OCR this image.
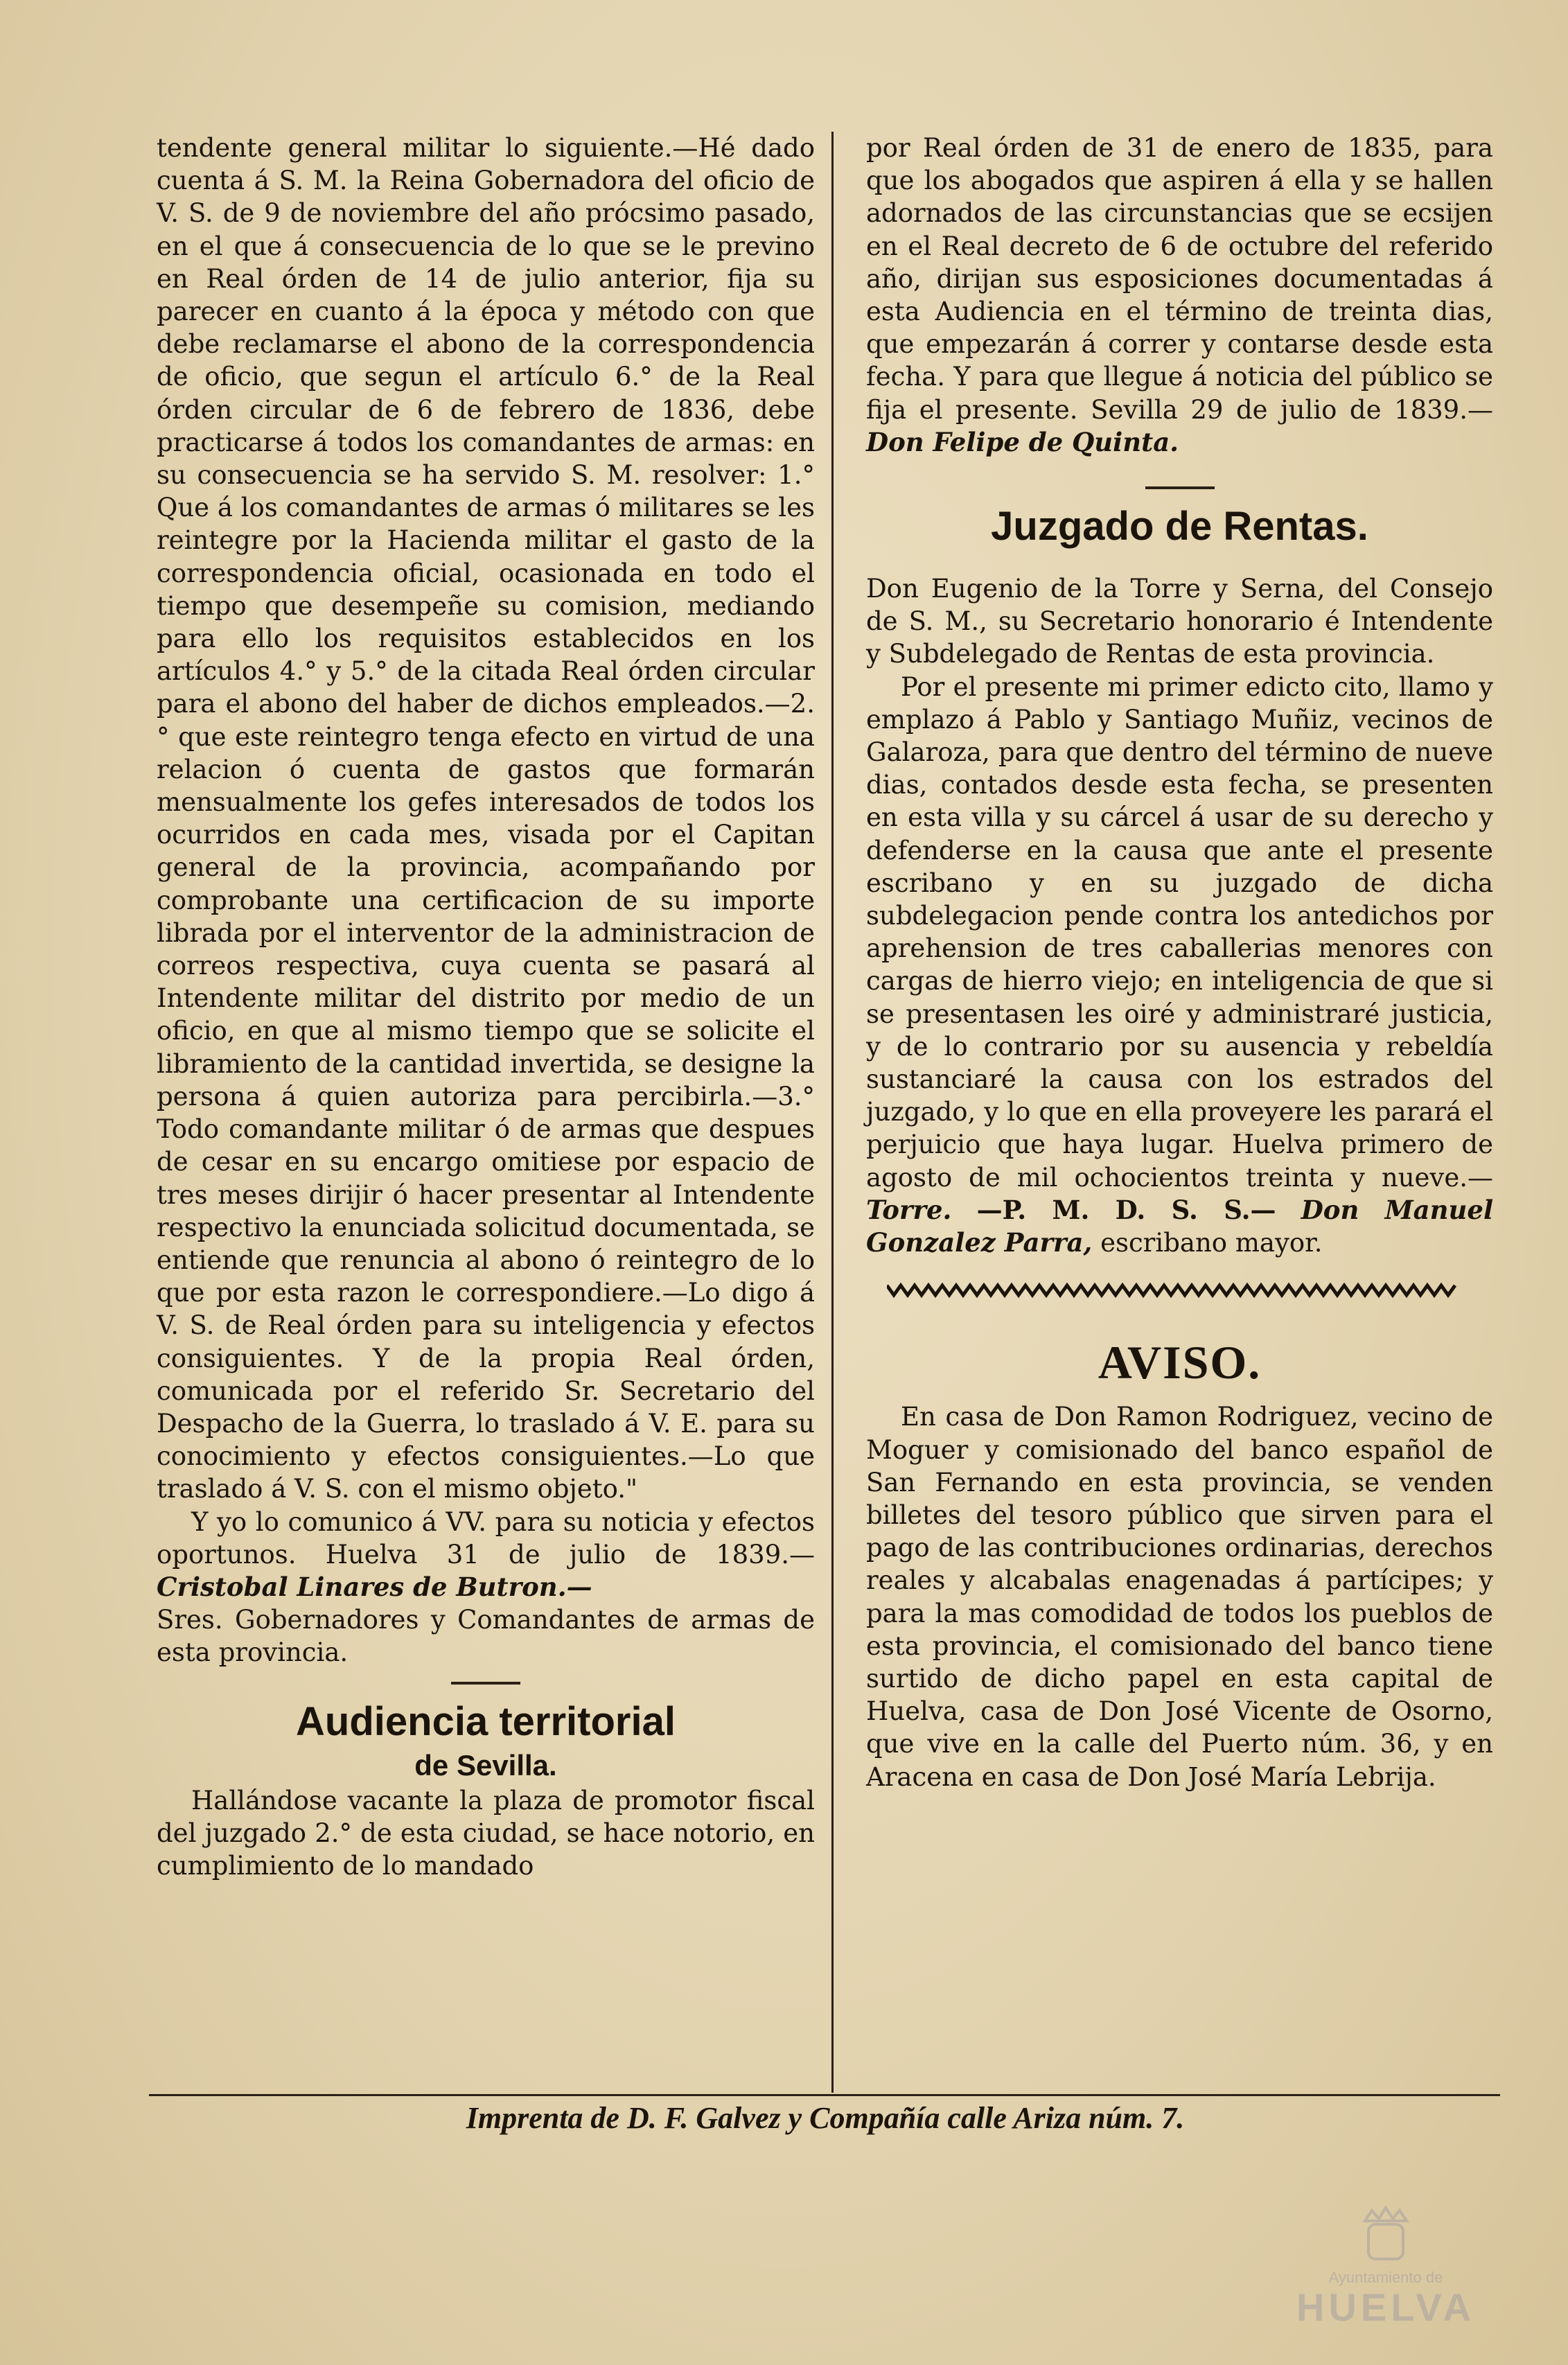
tendente general militar lo siguiente.—Hé dado cuenta á S. M. la Reina Gobernadora del oficio de V. S. de 9 de noviembre del año prócsimo pasado, en el que á consecuencia de lo que se le previno en Real órden de 14 de julio anterior, fija su parecer en cuanto á la época y método con que debe reclamarse el abono de la correspondencia de oficio, que segun el artículo 6.° de la Real órden circular de 6 de febrero de 1836, debe practicarse á todos los comandantes de armas: en su consecuencia se ha servido S. M. resolver: 1.° Que á los comandantes de armas ó militares se les reintegre por la Hacienda militar el gasto de la correspondencia oficial, ocasionada en todo el tiempo que desempeñe su comision, mediando para ello los requisitos establecidos en los artículos 4.° y 5.° de la citada Real órden circular para el abono del haber de dichos empleados.—2.° que este reintegro tenga efecto en virtud de una relacion ó cuenta de gastos que formarán mensualmente los gefes interesados de todos los ocurridos en cada mes, visada por el Capitan general de la provincia, acompañando por comprobante una certificacion de su importe librada por el interventor de la administracion de correos respectiva, cuya cuenta se pasará al Intendente militar del distrito por medio de un oficio, en que al mismo tiempo que se solicite el libramiento de la cantidad invertida, se designe la persona á quien autoriza para percibirla.—3.° Todo comandante militar ó de armas que despues de cesar en su encargo omitiese por espacio de tres meses dirijir ó hacer presentar al Intendente respectivo la enunciada solicitud documentada, se entiende que renuncia al abono ó reintegro de lo que por esta razon le correspondiere.—Lo digo á V. S. de Real órden para su inteligencia y efectos consiguientes. Y de la propia Real órden, comunicada por el referido Sr. Secretario del Despacho de la Guerra, lo traslado á V. E. para su conocimiento y efectos consiguientes.—Lo que traslado á V. S. con el mismo objeto."

Y yo lo comunico á VV. para su noticia y efectos oportunos. Huelva 31 de julio de 1839.—Cristobal Linares de Butron.—

Sres. Gobernadores y Comandantes de armas de esta provincia.

Audiencia territorial
de Sevilla.

Hallándose vacante la plaza de promotor fiscal del juzgado 2.° de esta ciudad, se hace notorio, en cumplimiento de lo mandado

por Real órden de 31 de enero de 1835, para que los abogados que aspiren á ella y se hallen adornados de las circunstancias que se ecsijen en el Real decreto de 6 de octubre del referido año, dirijan sus esposiciones documentadas á esta Audiencia en el término de treinta dias, que empezarán á correr y contarse desde esta fecha. Y para que llegue á noticia del público se fija el presente. Sevilla 29 de julio de 1839.—Don Felipe de Quinta.

Juzgado de Rentas.

Don Eugenio de la Torre y Serna, del Consejo de S. M., su Secretario honorario é Intendente y Subdelegado de Rentas de esta provincia.

Por el presente mi primer edicto cito, llamo y emplazo á Pablo y Santiago Muñiz, vecinos de Galaroza, para que dentro del término de nueve dias, contados desde esta fecha, se presenten en esta villa y su cárcel á usar de su derecho y defenderse en la causa que ante el presente escribano y en su juzgado de dicha subdelegacion pende contra los antedichos por aprehension de tres caballerias menores con cargas de hierro viejo; en inteligencia de que si se presentasen les oiré y administraré justicia, y de lo contrario por su ausencia y rebeldía sustanciaré la causa con los estrados del juzgado, y lo que en ella proveyere les parará el perjuicio que haya lugar. Huelva primero de agosto de mil ochocientos treinta y nueve.—Torre. —P. M. D. S. S.— Don Manuel Gonzalez Parra, escribano mayor.

AVISO.

En casa de Don Ramon Rodriguez, vecino de Moguer y comisionado del banco español de San Fernando en esta provincia, se venden billetes del tesoro público que sirven para el pago de las contribuciones ordinarias, derechos reales y alcabalas enagenadas á partícipes; y para la mas comodidad de todos los pueblos de esta provincia, el comisionado del banco tiene surtido de dicho papel en esta capital de Huelva, casa de Don José Vicente de Osorno, que vive en la calle del Puerto núm. 36, y en Aracena en casa de Don José María Lebrija.

Imprenta de D. F. Galvez y Compañía calle Ariza núm. 7.
Ayuntamiento de
HUELVA
